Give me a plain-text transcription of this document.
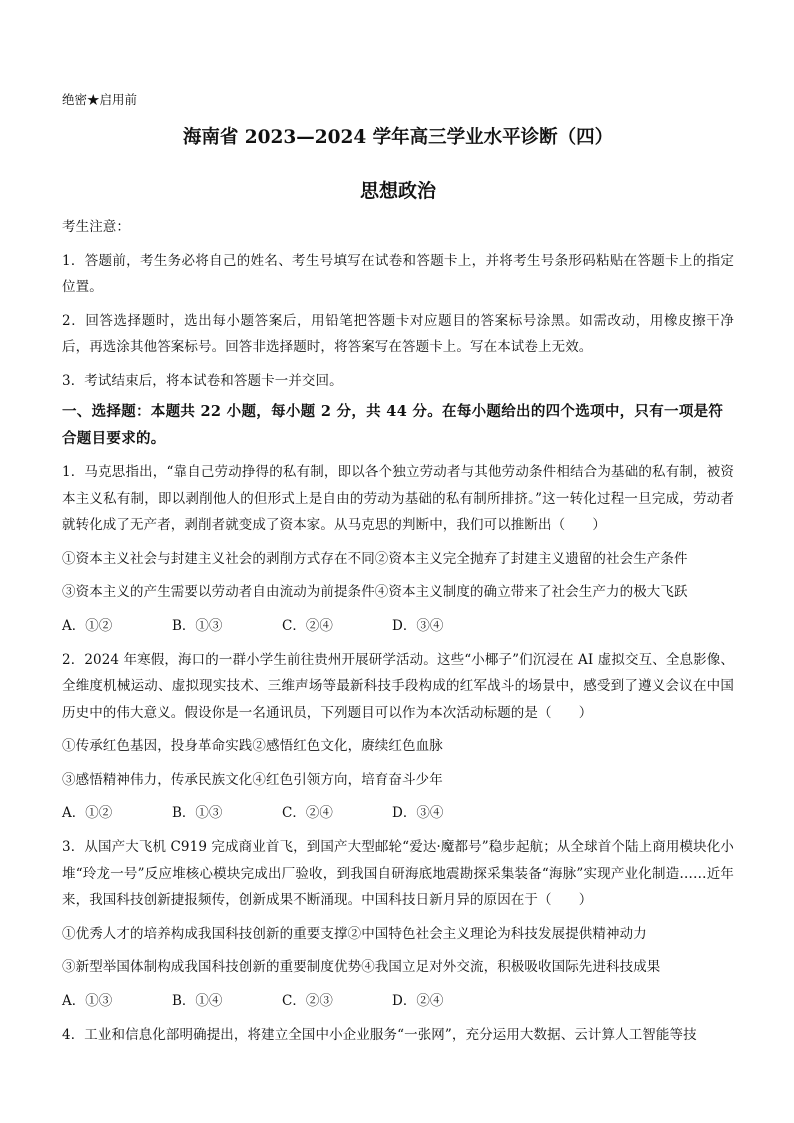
绝密★启用前
海南省 2023—2024 学年高三学业水平诊断（四）
思想政治

考生注意：

1．答题前，考生务必将自己的姓名、考生号填写在试卷和答题卡上，并将考生号条形码粘贴在答题卡上的指定位置。

2．回答选择题时，选出每小题答案后，用铅笔把答题卡对应题目的答案标号涂黑。如需改动，用橡皮擦干净后，再选涂其他答案标号。回答非选择题时，将答案写在答题卡上。写在本试卷上无效。

3．考试结束后，将本试卷和答题卡一并交回。

一、选择题：本题共 22 小题，每小题 2 分，共 44 分。在每小题给出的四个选项中，只有一项是符合题目要求的。

1．马克思指出，“靠自己劳动挣得的私有制，即以各个独立劳动者与其他劳动条件相结合为基础的私有制，被资本主义私有制，即以剥削他人的但形式上是自由的劳动为基础的私有制所排挤。”这一转化过程一旦完成，劳动者就转化成了无产者，剥削者就变成了资本家。从马克思的判断中，我们可以推断出（　　）

①资本主义社会与封建主义社会的剥削方式存在不同②资本主义完全抛弃了封建主义遗留的社会生产条件

③资本主义的产生需要以劳动者自由流动为前提条件④资本主义制度的确立带来了社会生产力的极大飞跃

A．①②	B．①③	C．②④	D．③④

2．2024 年寒假，海口的一群小学生前往贵州开展研学活动。这些“小椰子”们沉浸在 AI 虚拟交互、全息影像、全维度机械运动、虚拟现实技术、三维声场等最新科技手段构成的红军战斗的场景中，感受到了遵义会议在中国历史中的伟大意义。假设你是一名通讯员，下列题目可以作为本次活动标题的是（　　）

①传承红色基因，投身革命实践②感悟红色文化，赓续红色血脉

③感悟精神伟力，传承民族文化④红色引领方向，培育奋斗少年

A．①②	B．①③	C．②④	D．③④

3．从国产大飞机 C919 完成商业首飞，到国产大型邮轮“爱达·魔都号”稳步起航；从全球首个陆上商用模块化小堆“玲龙一号”反应堆核心模块完成出厂验收，到我国自研海底地震勘探采集装备“海脉”实现产业化制造……近年来，我国科技创新捷报频传，创新成果不断涌现。中国科技日新月异的原因在于（　　）

①优秀人才的培养构成我国科技创新的重要支撑②中国特色社会主义理论为科技发展提供精神动力

③新型举国体制构成我国科技创新的重要制度优势④我国立足对外交流，积极吸收国际先进科技成果

A．①③	B．①④	C．②③	D．②④

4．工业和信息化部明确提出，将建立全国中小企业服务“一张网”，充分运用大数据、云计算人工智能等技
